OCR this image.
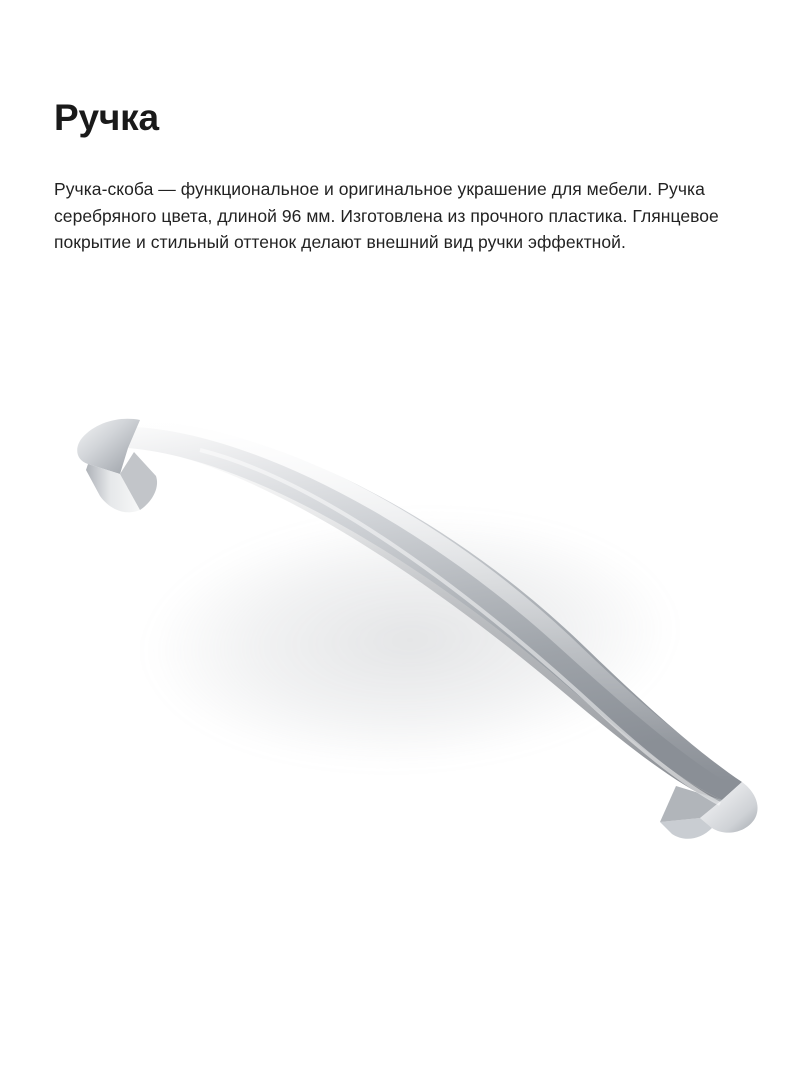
Ручка

Ручка-скоба — функциональное и оригинальное украшение для мебели. Ручка серебряного цвета, длиной 96 мм. Изготовлена из прочного пластика. Глянцевое покрытие и стильный оттенок делают внешний вид ручки эффектной.
